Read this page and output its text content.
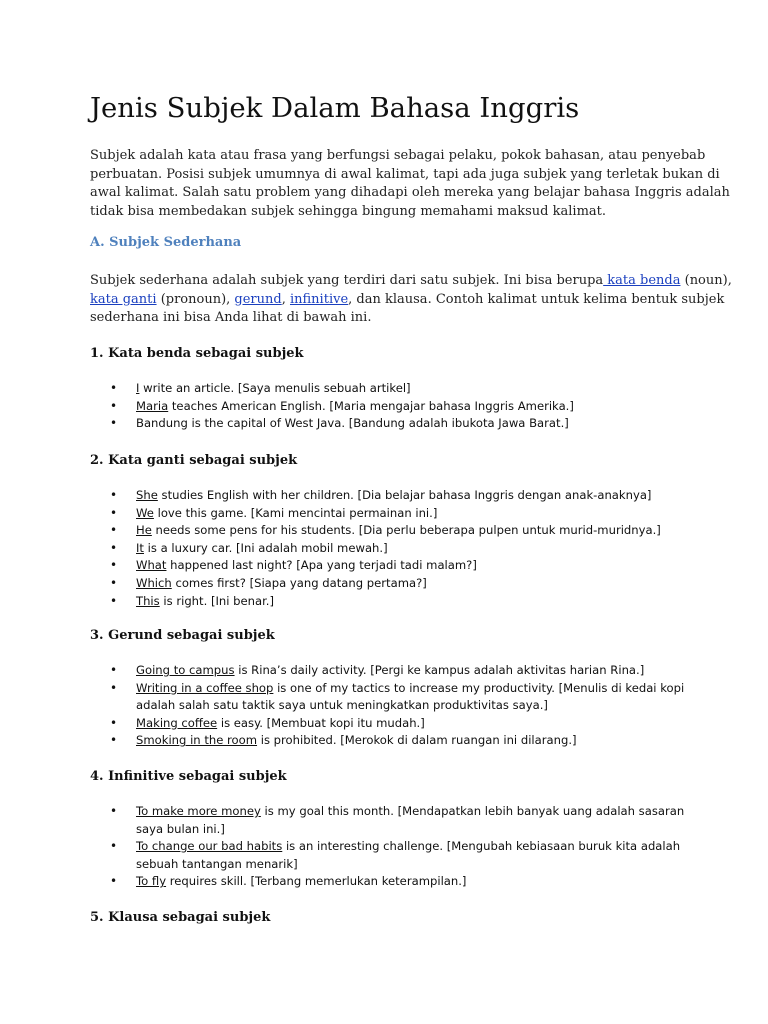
Jenis Subjek Dalam Bahasa Inggris

Subjek adalah kata atau frasa yang berfungsi sebagai pelaku, pokok bahasan, atau penyebab
perbuatan. Posisi subjek umumnya di awal kalimat, tapi ada juga subjek yang terletak bukan di
awal kalimat. Salah satu problem yang dihadapi oleh mereka yang belajar bahasa Inggris adalah
tidak bisa membedakan subjek sehingga bingung memahami maksud kalimat.

A. Subjek Sederhana

Subjek sederhana adalah subjek yang terdiri dari satu subjek. Ini bisa berupa kata benda (noun),
kata ganti (pronoun), gerund, infinitive, dan klausa. Contoh kalimat untuk kelima bentuk subjek
sederhana ini bisa Anda lihat di bawah ini.

1. Kata benda sebagai subjek
• I write an article. [Saya menulis sebuah artikel]
• Maria teaches American English. [Maria mengajar bahasa Inggris Amerika.]
• Bandung is the capital of West Java. [Bandung adalah ibukota Jawa Barat.]
2. Kata ganti sebagai subjek
• She studies English with her children. [Dia belajar bahasa Inggris dengan anak-anaknya]
• We love this game. [Kami mencintai permainan ini.]
• He needs some pens for his students. [Dia perlu beberapa pulpen untuk murid-muridnya.]
• It is a luxury car. [Ini adalah mobil mewah.]
• What happened last night? [Apa yang terjadi tadi malam?]
• Which comes first? [Siapa yang datang pertama?]
• This is right. [Ini benar.]
3. Gerund sebagai subjek
• Going to campus is Rina’s daily activity. [Pergi ke kampus adalah aktivitas harian Rina.]
• Writing in a coffee shop is one of my tactics to increase my productivity. [Menulis di kedai kopi
adalah salah satu taktik saya untuk meningkatkan produktivitas saya.]
• Making coffee is easy. [Membuat kopi itu mudah.]
• Smoking in the room is prohibited. [Merokok di dalam ruangan ini dilarang.]
4. Infinitive sebagai subjek
• To make more money is my goal this month. [Mendapatkan lebih banyak uang adalah sasaran
saya bulan ini.]
• To change our bad habits is an interesting challenge. [Mengubah kebiasaan buruk kita adalah
sebuah tantangan menarik]
• To fly requires skill. [Terbang memerlukan keterampilan.]
5. Klausa sebagai subjek
